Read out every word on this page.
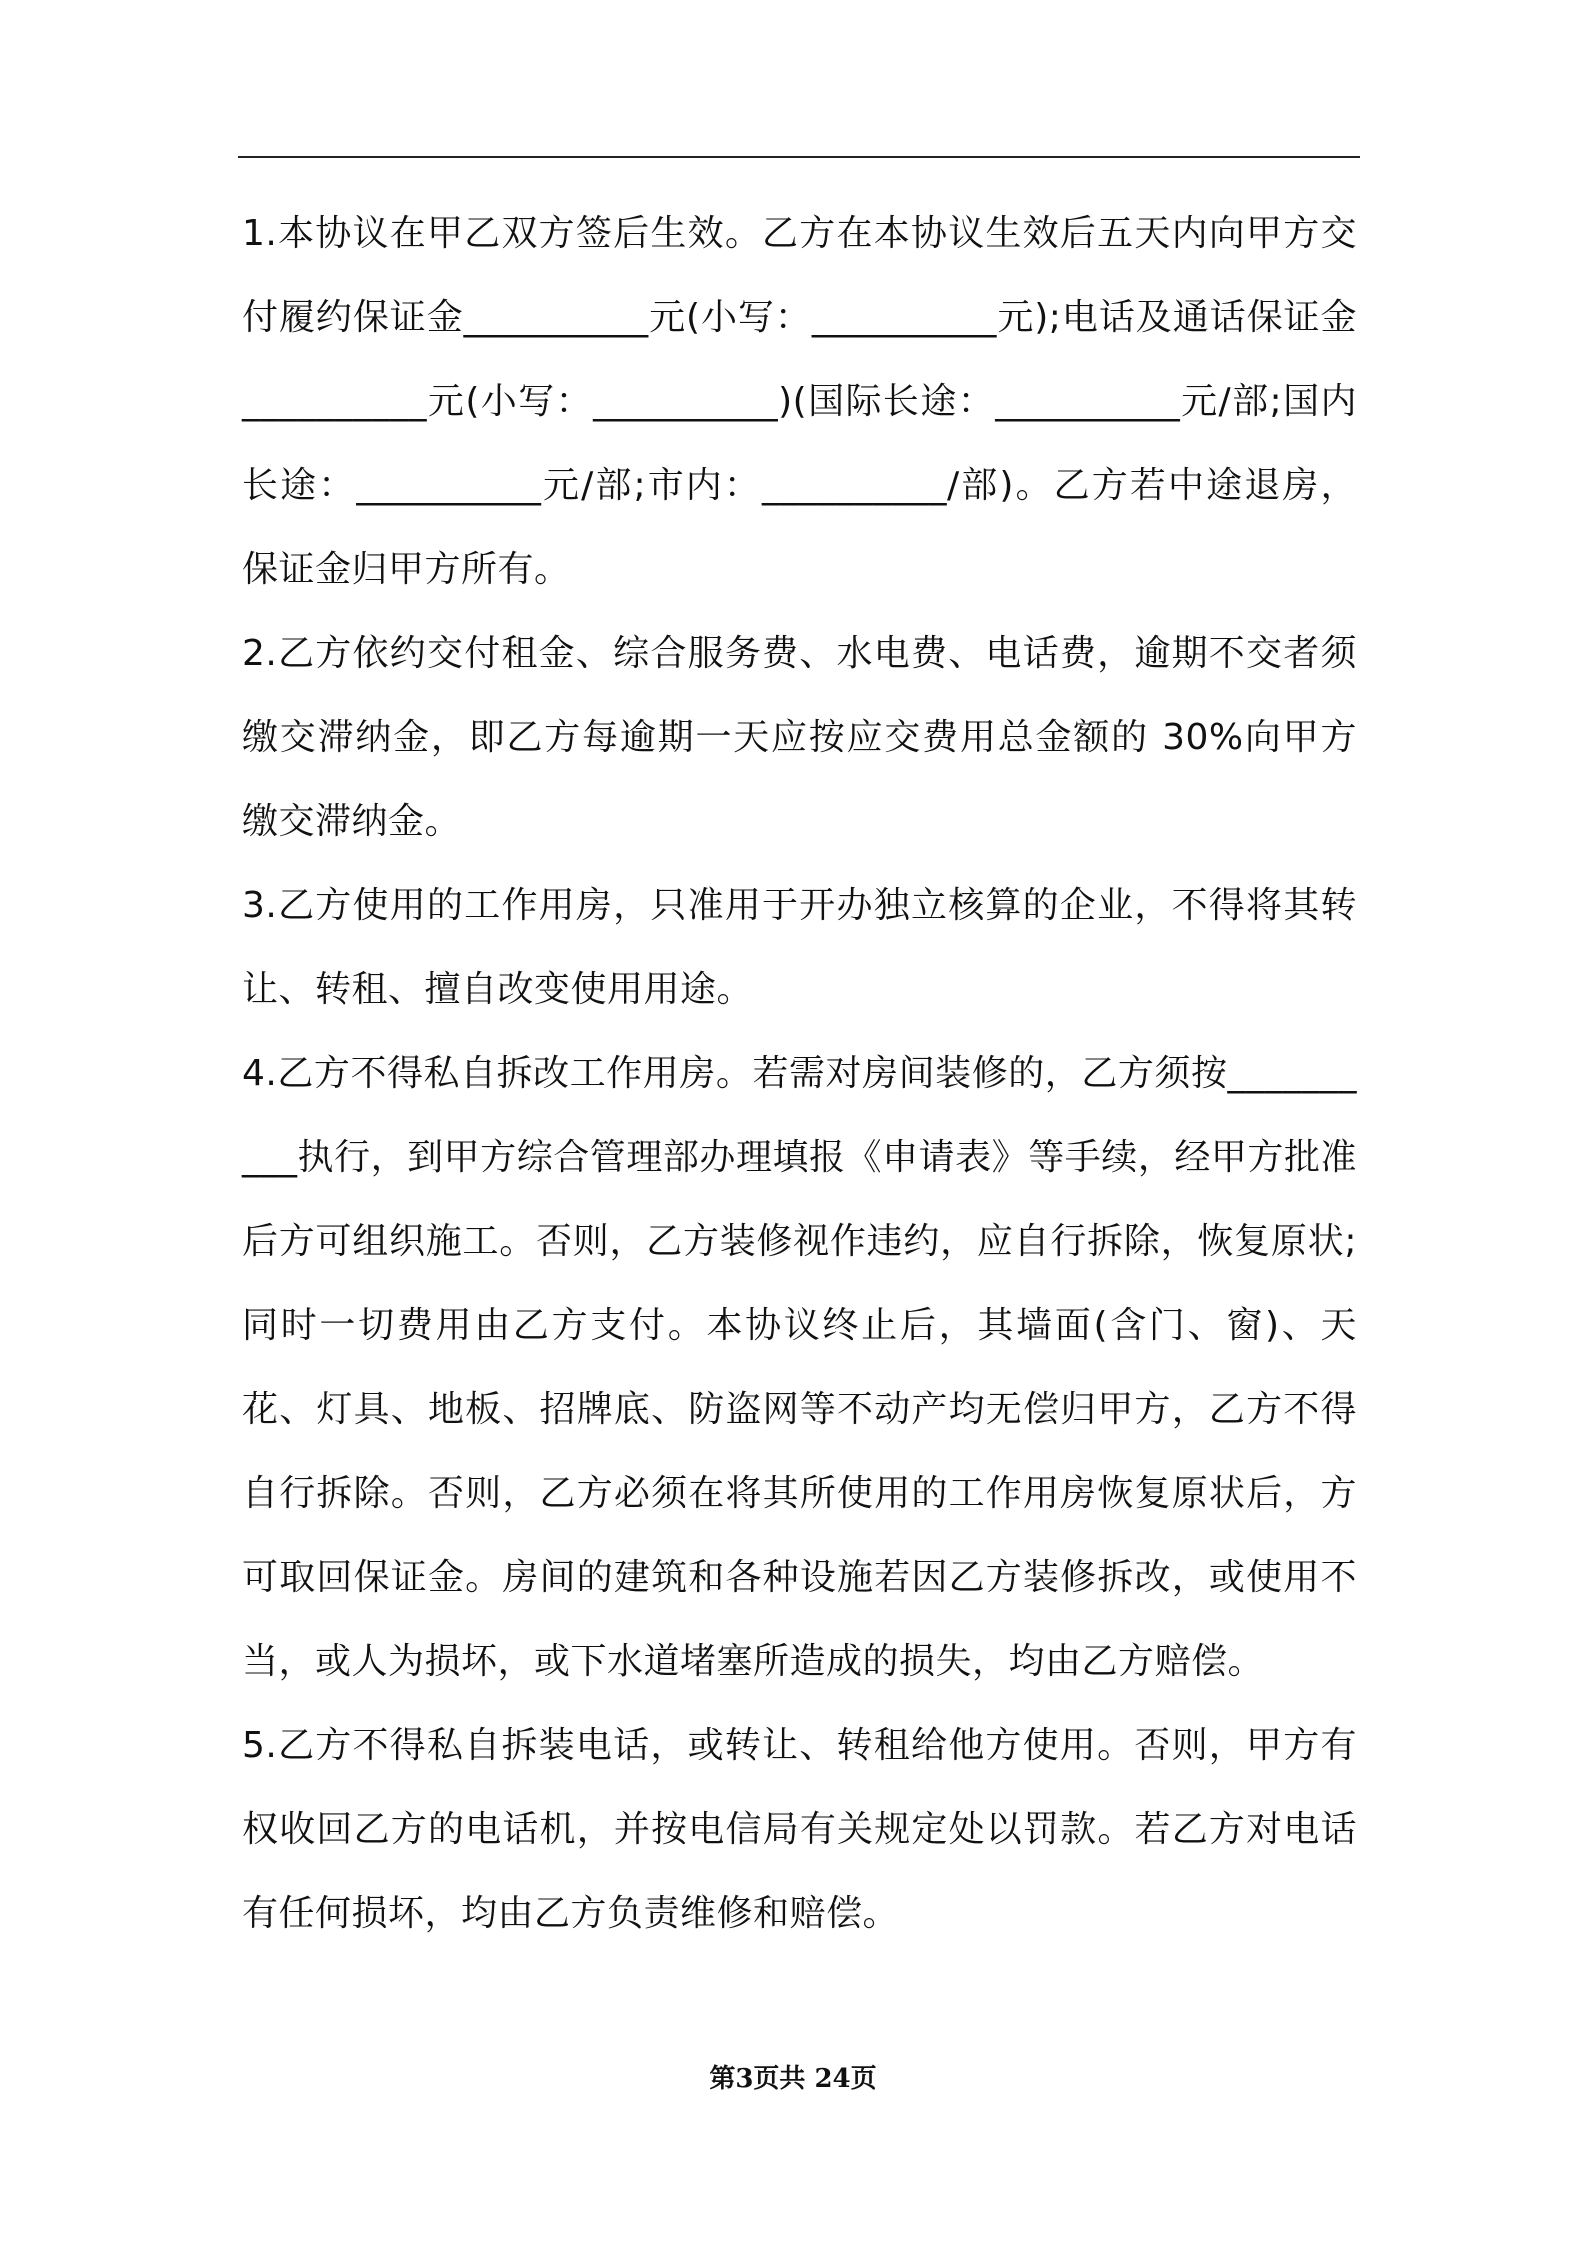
1.本协议在甲乙双方签后生效。乙方在本协议生效后五天内向甲方交付履约保证金__________元(小写：__________元);电话及通话保证金__________元(小写：__________)(国际长途：__________元/部;国内长途：__________元/部;市内：__________/部)。乙方若中途退房，保证金归甲方所有。

2.乙方依约交付租金、综合服务费、水电费、电话费，逾期不交者须缴交滞纳金，即乙方每逾期一天应按应交费用总金额的 30%向甲方缴交滞纳金。

3.乙方使用的工作用房，只准用于开办独立核算的企业，不得将其转让、转租、擅自改变使用用途。

4.乙方不得私自拆改工作用房。若需对房间装修的，乙方须按__________执行，到甲方综合管理部办理填报《申请表》等手续，经甲方批准后方可组织施工。否则，乙方装修视作违约，应自行拆除，恢复原状;同时一切费用由乙方支付。本协议终止后，其墙面(含门、窗)、天花、灯具、地板、招牌底、防盗网等不动产均无偿归甲方，乙方不得自行拆除。否则，乙方必须在将其所使用的工作用房恢复原状后，方可取回保证金。房间的建筑和各种设施若因乙方装修拆改，或使用不当，或人为损坏，或下水道堵塞所造成的损失，均由乙方赔偿。

5.乙方不得私自拆装电话，或转让、转租给他方使用。否则，甲方有权收回乙方的电话机，并按电信局有关规定处以罚款。若乙方对电话有任何损坏，均由乙方负责维修和赔偿。

第3页共 24页
